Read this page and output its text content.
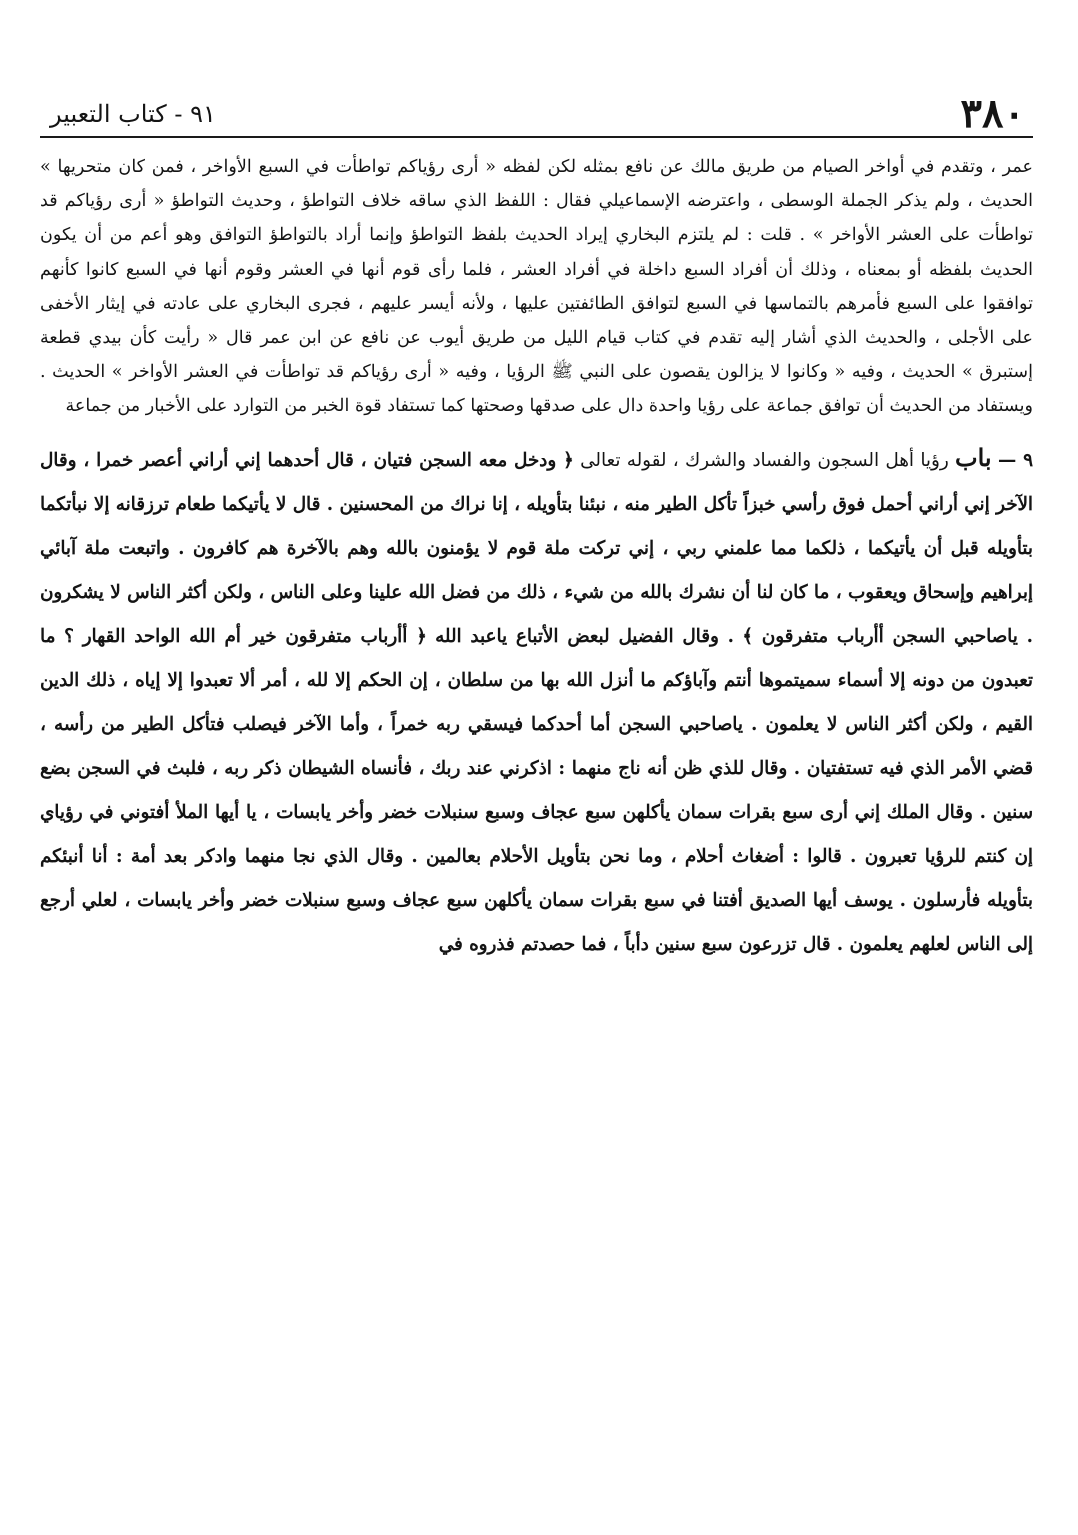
٣٨٠
٩١ - كتاب التعبير

عمر ، وتقدم في أواخر الصيام من طريق مالك عن نافع بمثله لكن لفظه « أرى رؤياكم تواطأت في السبع الأواخر ، فمن كان متحريها » الحديث ، ولم يذكر الجملة الوسطى ، واعترضه الإسماعيلي فقال : اللفظ الذي ساقه خلاف التواطؤ ، وحديث التواطؤ « أرى رؤياكم قد تواطأت على العشر الأواخر » . قلت : لم يلتزم البخاري إيراد الحديث بلفظ التواطؤ وإنما أراد بالتواطؤ التوافق وهو أعم من أن يكون الحديث بلفظه أو بمعناه ، وذلك أن أفراد السبع داخلة في أفراد العشر ، فلما رأى قوم أنها في العشر وقوم أنها في السبع كانوا كأنهم توافقوا على السبع فأمرهم بالتماسها في السبع لتوافق الطائفتين عليها ، ولأنه أيسر عليهم ، فجرى البخاري على عادته في إيثار الأخفى على الأجلى ، والحديث الذي أشار إليه تقدم في كتاب قيام الليل من طريق أيوب عن نافع عن ابن عمر قال « رأيت كأن بيدي قطعة إستبرق » الحديث ، وفيه « وكانوا لا يزالون يقصون على النبي ﷺ الرؤيا ، وفيه « أرى رؤياكم قد تواطأت في العشر الأواخر » الحديث . ويستفاد من الحديث أن توافق جماعة على رؤيا واحدة دال على صدقها وصحتها كما تستفاد قوة الخبر من التوارد على الأخبار من جماعة

٩ — باب رؤيا أهل السجون والفساد والشرك ، لقوله تعالى ﴿ ودخل معه السجن فتيان ، قال أحدهما إني أراني أعصر خمرا ، وقال الآخر إني أراني أحمل فوق رأسي خبزاً تأكل الطير منه ، نبئنا بتأويله ، إنا نراك من المحسنين . قال لا يأتيكما طعام ترزقانه إلا نبأتكما بتأويله قبل أن يأتيكما ، ذلكما مما علمني ربي ، إني تركت ملة قوم لا يؤمنون بالله وهم بالآخرة هم كافرون . واتبعت ملة آبائي إبراهيم وإسحاق ويعقوب ، ما كان لنا أن نشرك بالله من شيء ، ذلك من فضل الله علينا وعلى الناس ، ولكن أكثر الناس لا يشكرون . ياصاحبي السجن أأرباب متفرقون ﴾ . وقال الفضيل لبعض الأتباع ياعبد الله ﴿ أأرباب متفرقون خير أم الله الواحد القهار ؟ ما تعبدون من دونه إلا أسماء سميتموها أنتم وآباؤكم ما أنزل الله بها من سلطان ، إن الحكم إلا لله ، أمر ألا تعبدوا إلا إياه ، ذلك الدين القيم ، ولكن أكثر الناس لا يعلمون . ياصاحبي السجن أما أحدكما فيسقي ربه خمراً ، وأما الآخر فيصلب فتأكل الطير من رأسه ، قضي الأمر الذي فيه تستفتيان . وقال للذي ظن أنه ناج منهما : اذكرني عند ربك ، فأنساه الشيطان ذكر ربه ، فلبث في السجن بضع سنين . وقال الملك إني أرى سبع بقرات سمان يأكلهن سبع عجاف وسبع سنبلات خضر وأخر يابسات ، يا أيها الملأ أفتوني في رؤياي إن كنتم للرؤيا تعبرون . قالوا : أضغاث أحلام ، وما نحن بتأويل الأحلام بعالمين . وقال الذي نجا منهما وادكر بعد أمة : أنا أنبئكم بتأويله فأرسلون . يوسف أيها الصديق أفتنا في سبع بقرات سمان يأكلهن سبع عجاف وسبع سنبلات خضر وأخر يابسات ، لعلي أرجع إلى الناس لعلهم يعلمون . قال تزرعون سبع سنين دأباً ، فما حصدتم فذروه في
